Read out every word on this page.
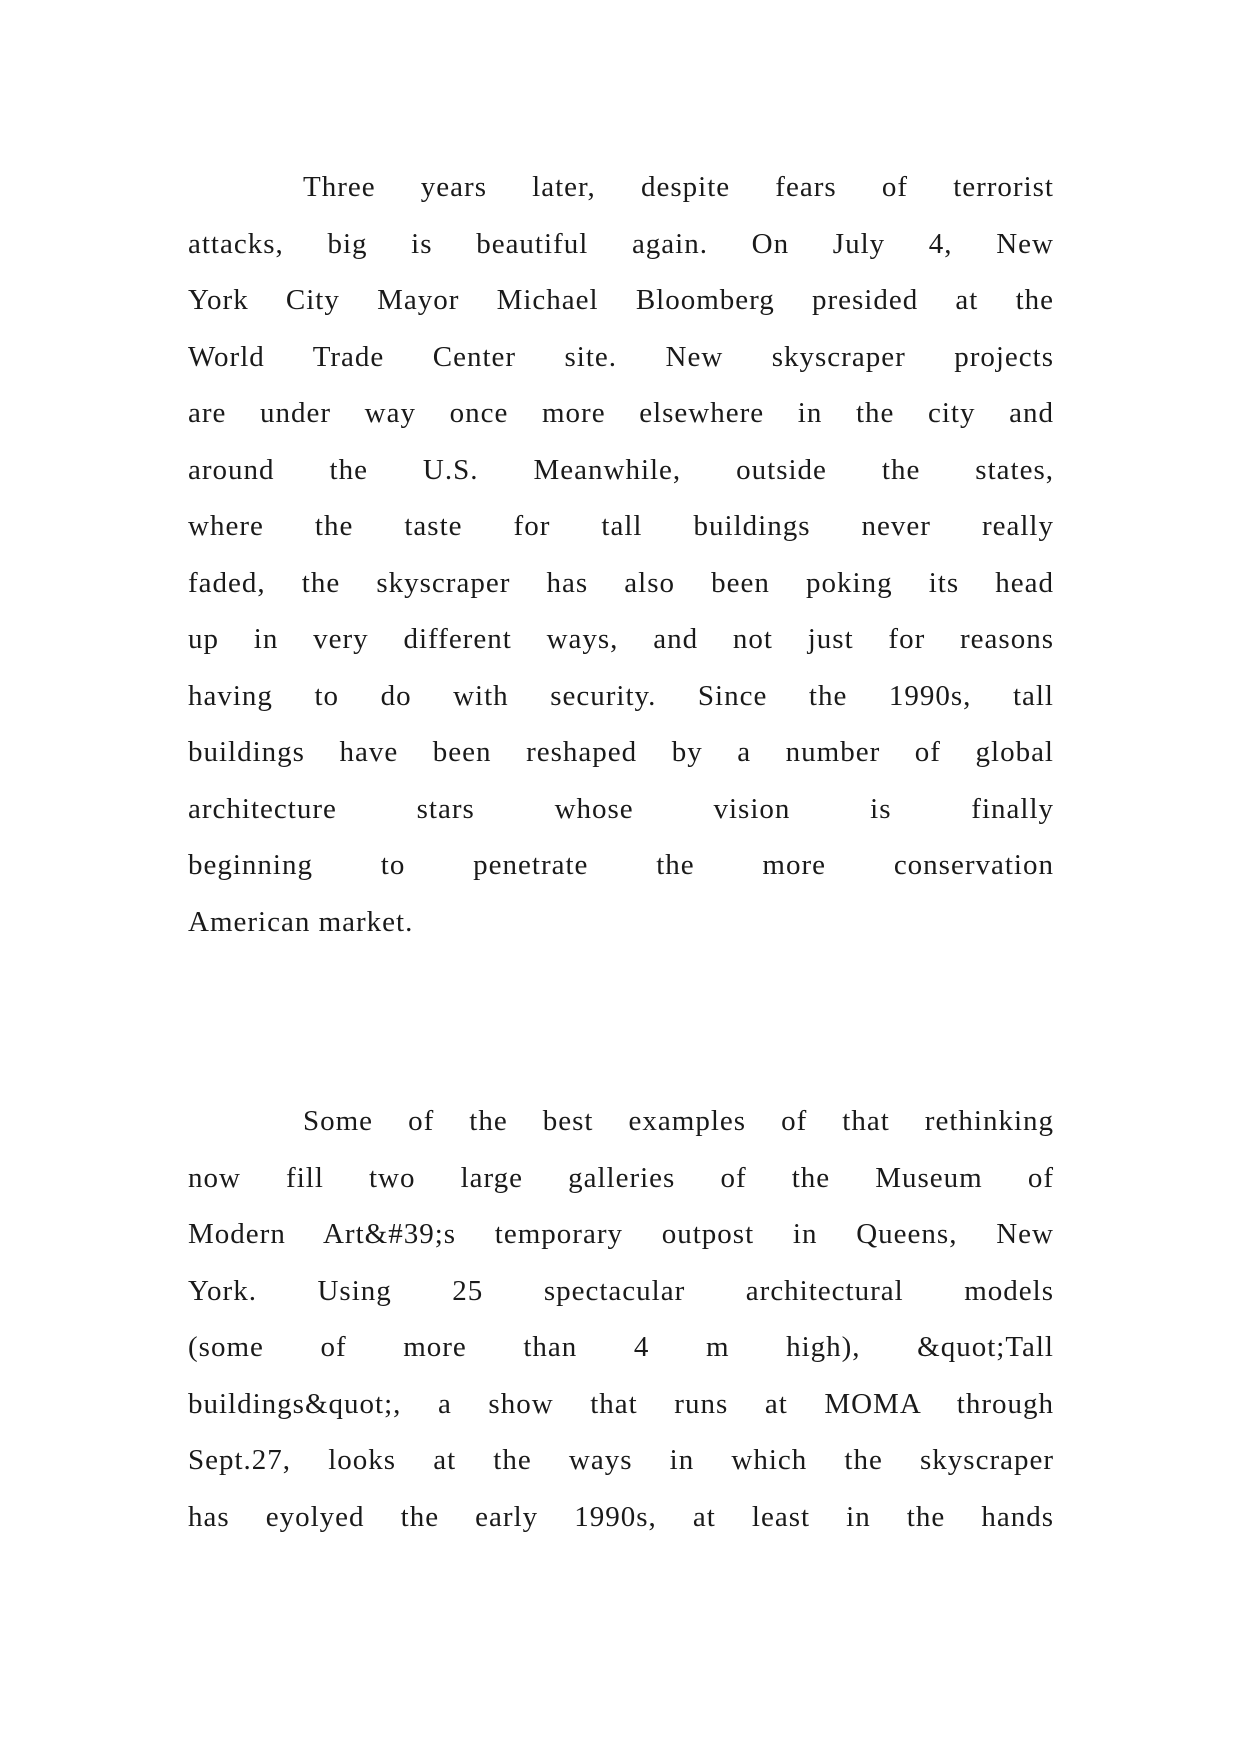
Three years later, despite fears of terrorist
attacks, big is beautiful again. On July 4, New
York City Mayor Michael Bloomberg presided at the
World Trade Center site. New skyscraper projects
are under way once more elsewhere in the city and
around the U.S. Meanwhile, outside the states,
where the taste for tall buildings never really
faded, the skyscraper has also been poking its head
up in very different ways, and not just for reasons
having to do with security. Since the 1990s, tall
buildings have been reshaped by a number of global
architecture stars whose vision is finally
beginning to penetrate the more conservation
American market.
Some of the best examples of that rethinking
now fill two large galleries of the Museum of
Modern Art&#39;s temporary outpost in Queens, New
York. Using 25 spectacular architectural models
(some of more than 4 m high), &quot;Tall
buildings&quot;, a show that runs at MOMA through
Sept.27, looks at the ways in which the skyscraper
has eyolyed the early 1990s, at least in the hands
